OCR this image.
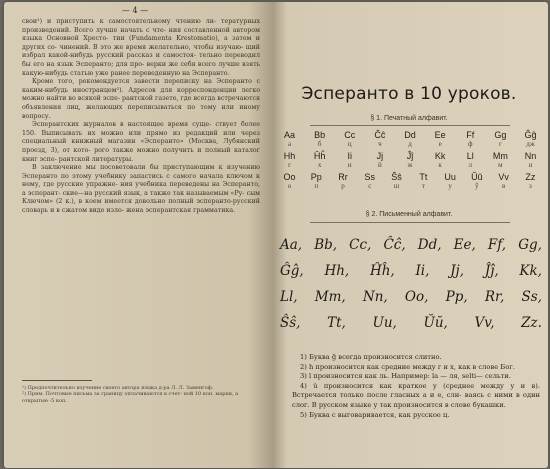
— 4 —

свои¹) и приступить к самостоятельному чтению ли- тературных произведений. Всего лучше начать с чте- ния составленной автором языка Основной Хресто- тии (Fundamenta Krestomatio), а затем и других со- чинений. В это же время желательно, чтобы изучаю- щий избрал какой-нибудь русский рассказ и самостоя- тельно переводил бы его на язык Эсперанто; для про- верки же себя всего лучше взять какую-нибудь статью уже ранее переведенную на Эсперанто.

Кроме того, рекомендуется завести переписку на Эсперанто с каким-нибудь иностранцем²). Адресов для корреспонденции легко можно найти во всякой эспе- рантской газете, где всегда встречаются объявления лиц, желающих переписываться по тому или иному вопросу.

Эсперантских журналов в настоящее время суще- ствует более 150. Выписывать их можно или прямо из редакций или через специальный книжный магазин «Эсперанто» (Москва, Лубянский проезд, 3), от кото- рого также можно получить и полный каталог книг эспе- рантской литературы.

В заключение мы посоветовали бы приступающим к изучению Эсперанто по этому учебнику запастись с самого начала ключом к нему, где русские упражне- ния учебника переведены на Эсперанто, а эсперант- ские—на русский язык, а также так называемым «Ру- сым Ключом» (2 к.), в коем имеется довольно полный эсперанто-русский словарь и в сжатом виде изло- жена эсперантская грамматика.

¹) Предпочтительно изучение своего автора языка д-ра Л. Л. Заменгоф.

²) Прим. Почтовые письма за границу оплачиваются в счет- ной 10 коп. марки, а открытые -5 коп.

Эсперанто в 10 уроков.
§ 1. Печатный алфавит.
Aa	Bb	Cc	Ĉĉ	Dd	Ee	Ff	Gg	Ĝĝ
а	б	ц	ч	д	е	ф	г	дж
Hh	Ĥĥ	Ii	Jj	Ĵĵ	Kk	Ll	Mm	Nn
г	х	и	й	ж	к	л	м	н
Oo	Pp	Rr	Ss	Ŝŝ	Tt	Uu	Ŭŭ	Vv	Zz
о	п	р	с	ш	т	у	ў	в	з
§ 2. Письменный алфавит.
Aa, Bb, Cc, Ĉĉ, Dd, Ee, Ff, Gg,
Ĝĝ, Hh, Ĥĥ, Ii, Jj, Ĵĵ, Kk,
Ll, Mm, Nn, Oo, Pp, Rr, Ss,
Ŝŝ, Tt, Uu, Ŭŭ, Vv, Zz.

1) Буква ĝ всегда произносится слитно.

2) h произносится как средние между г и х, как в слове Бог.

3) l произносится как ль. Например: la — ля, selti— сельти.

4) ŭ произносится как краткое у (среднее между у и в). Встречается только после гласных а и е, сли- ваясь с ними в один слог. В русском языке у так произносится в слове букашки.

5) Буква c выговаривается, как русское ц.
